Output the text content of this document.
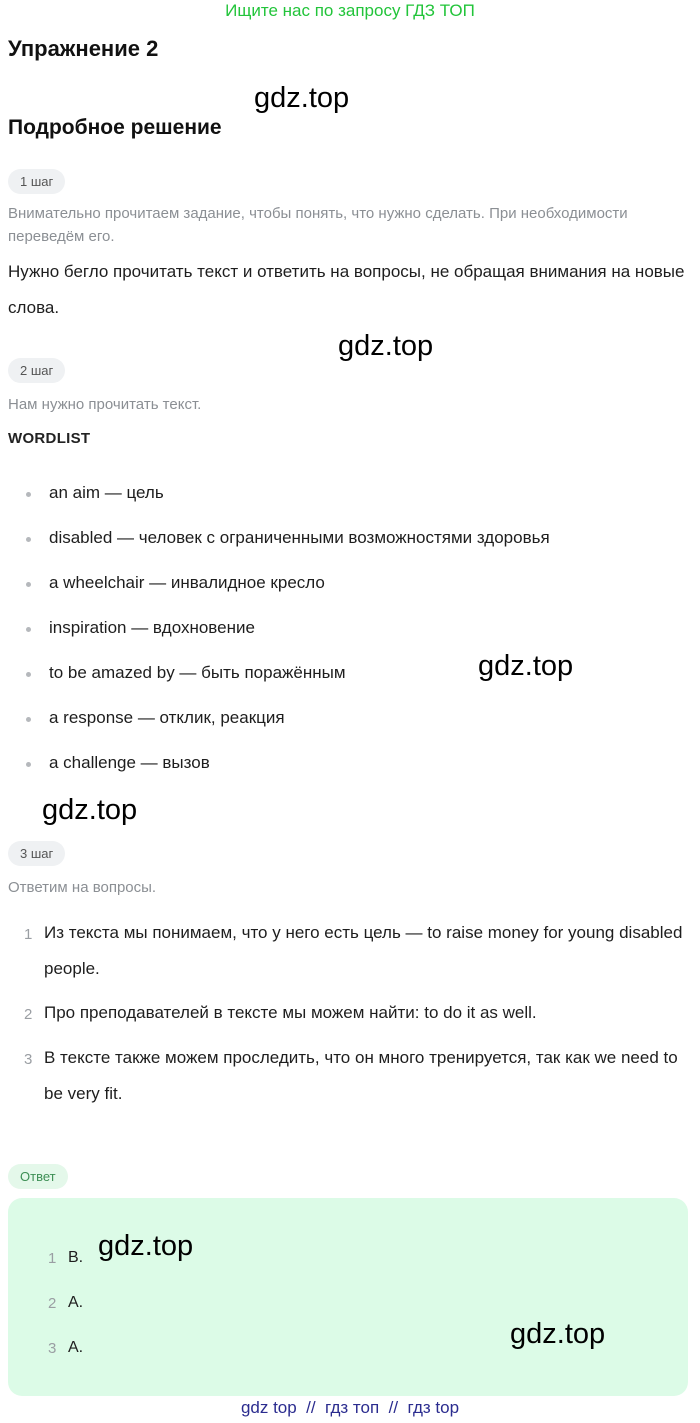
Ищите нас по запросу ГДЗ ТОП
Упражнение 2
gdz.top
Подробное решение
1 шаг
Внимательно прочитаем задание, чтобы понять, что нужно сделать. При необходимости переведём его.
Нужно бегло прочитать текст и ответить на вопросы, не обращая внимания на новые слова.
gdz.top
2 шаг
Нам нужно прочитать текст.
WORDLIST
an aim — цель
disabled — человек с ограниченными возможностями здоровья
a wheelchair — инвалидное кресло
inspiration — вдохновение
to be amazed by — быть поражённым
a response — отклик, реакция
a challenge — вызов
gdz.top
gdz.top
3 шаг
Ответим на вопросы.
1 Из текста мы понимаем, что у него есть цель — to raise money for young disabled people.
2 Про преподавателей в тексте мы можем найти: to do it as well.
3 В тексте также можем проследить, что он много тренируется, так как we need to be very fit.
Ответ
1 B.
2 A.
3 A.
gdz.top
gdz.top
gdz top  //  гдз топ  //  гдз top
